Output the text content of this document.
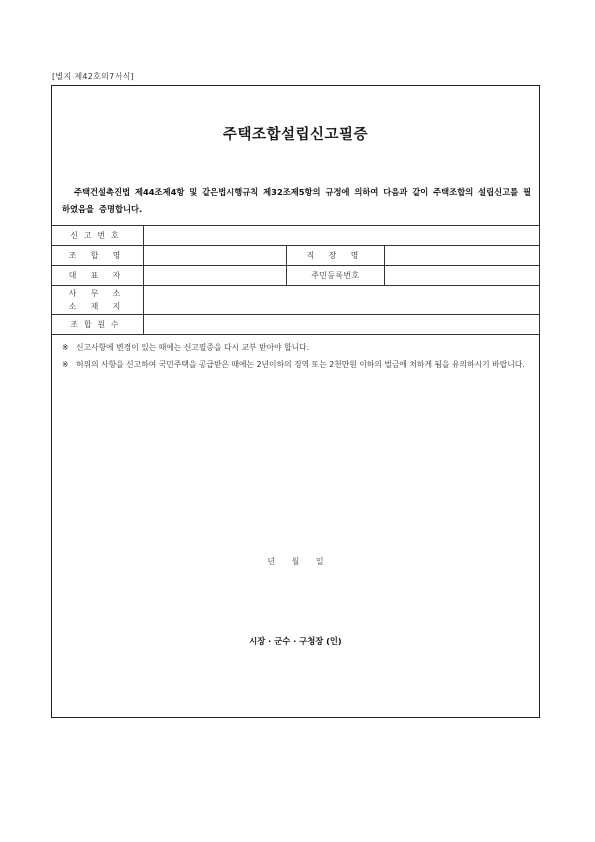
[별지 제42호의7서식]
주택조합설립신고필증
주택건설촉진법 제44조제4항 및 같은법시행규칙 제32조제5항의 규정에 의하여 다음과 같이 주택조합의 설립신고를 필하였음을 증명합니다.
신고번호			
조 합 명		직 장 명	
대 표 자		주민등록번호	

사 무 소
소 재 지			

조합원수			
※ 신고사항에 변경이 있는 때에는 신고필증을 다시 교부 받아야 합니다.
※ 허위의 사항을 신고하여 국민주택을 공급받은 때에는 2년이하의 징역 또는 2천만원 이하의 벌금에 처하게 됨을 유의하시기 바랍니다.
년 월 일
시장 · 군수 · 구청장 (인)
